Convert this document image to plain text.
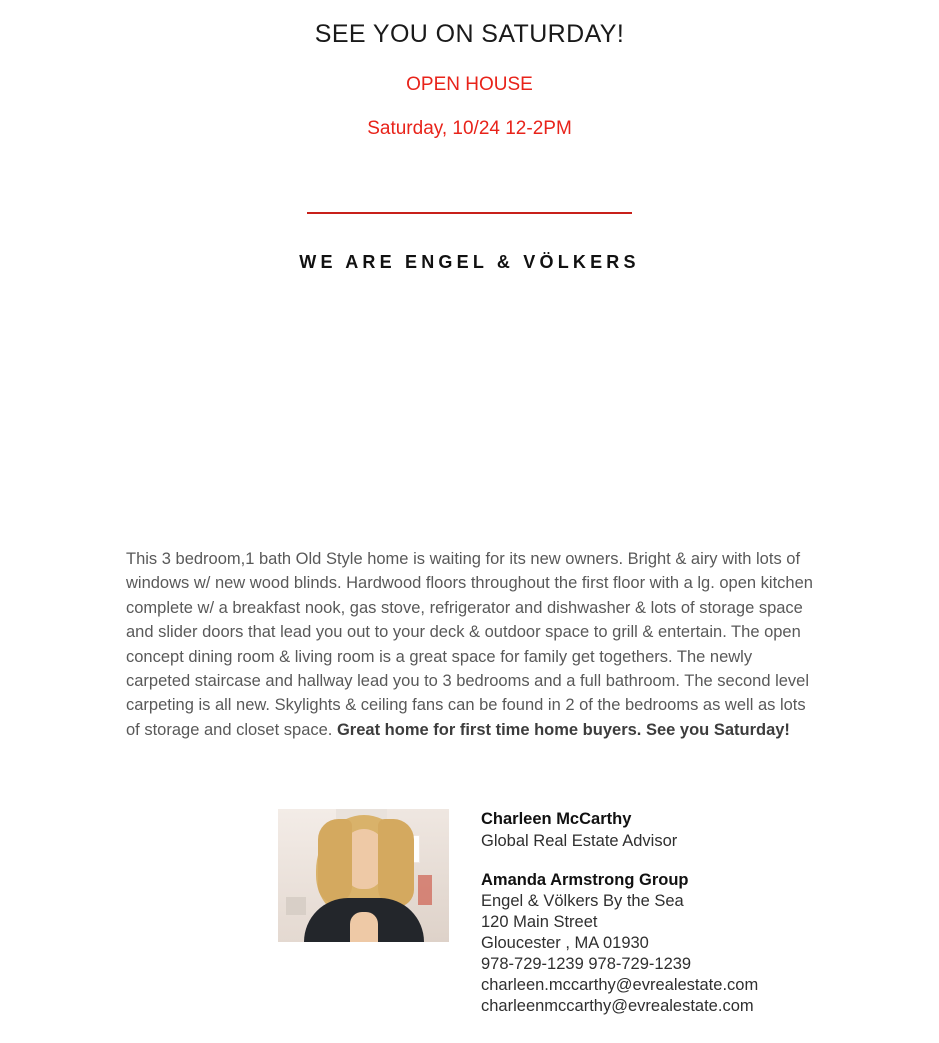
SEE YOU ON SATURDAY!
OPEN HOUSE
Saturday, 10/24 12-2PM
WE ARE ENGEL & VÖLKERS
This 3 bedroom,1 bath Old Style home is waiting for its new owners. Bright & airy with lots of windows w/ new wood blinds. Hardwood floors throughout the first floor with a lg. open kitchen complete w/ a breakfast nook, gas stove, refrigerator and dishwasher & lots of storage space and slider doors that lead you out to your deck & outdoor space to grill & entertain. The open concept dining room & living room is a great space for family get togethers. The newly carpeted staircase and hallway lead you to 3 bedrooms and a full bathroom. The second level carpeting is all new. Skylights & ceiling fans can be found in 2 of the bedrooms as well as lots of storage and closet space. Great home for first time home buyers. See you Saturday!
Charleen McCarthy
Global Real Estate Advisor
Amanda Armstrong Group
Engel & Völkers By the Sea
120 Main Street
Gloucester , MA 01930
978-729-1239 978-729-1239
charleen.mccarthy@evrealestate.com
charleenmccarthy@evrealestate.com
